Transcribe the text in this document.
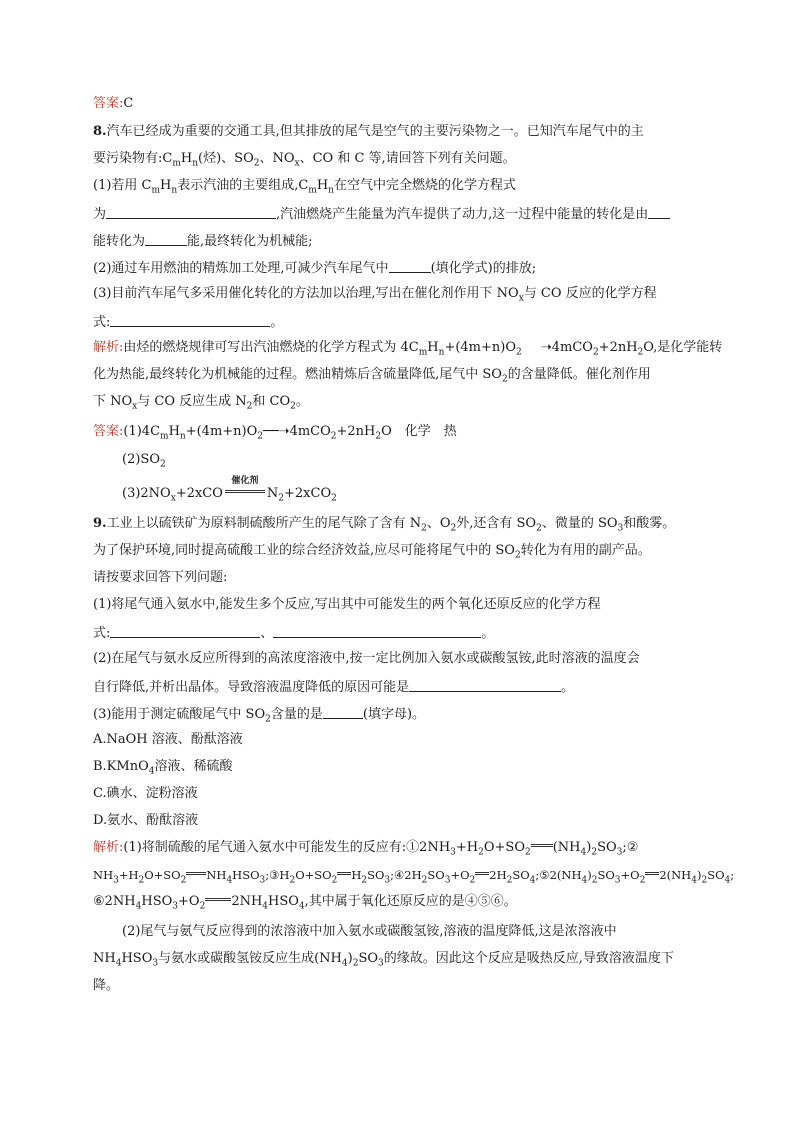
答案:C
8.汽车已经成为重要的交通工具,但其排放的尾气是空气的主要污染物之一。已知汽车尾气中的主
要污染物有$:C_mH_n$(烃)、$SO_2$、$NO_x$、CO 和 C 等,请回答下列有关问题。
(1)若用 $C_mH_n$表示汽油的主要组成$,C_mH_n$在空气中完全燃烧的化学方程式
为	,汽油燃烧产生能量为汽车提供了动力,这一过程中能量的转化是由
能转化为	能,最终转化为机械能;
(2)通过车用燃油的精炼加工处理,可减少汽车尾气中	(填化学式)的排放;
(3)目前汽车尾气多采用催化转化的方法加以治理,写出在催化剂作用下 $NO_x$与 CO 反应的化学方程
式:	。
解析:由烃的燃烧规律可写出汽油燃烧的化学方程式为 $4C_mH_n+(4m+n)O_2$ $➝4mCO_2+2nH_2O$,是化学能转
化为热能,最终转化为机械能的过程。燃油精炼后含硫量降低,尾气中 $SO_2$的含量降低。催化剂作用
下 $NO_x$与 CO 反应生成 $N_2$和 $CO_2$。
答案$:(1)4C_mH_n+(4m+n)O_2──➝4mCO_2+2nH_2O$　化学　热
$(2)SO_2$
$(3)2NO_x+2xCO$
催化剂
$N_2+2xCO_2$
9.工业上以硫铁矿为原料制硫酸所产生的尾气除了含有 $N_2$、$O_2$外,还含有 $SO_2$、微量的 $SO_3$和酸雾。
为了保护环境,同时提高硫酸工业的综合经济效益,应尽可能将尾气中的 $SO_2$转化为有用的副产品。
请按要求回答下列问题:
(1)将尾气通入氨水中,能发生多个反应,写出其中可能发生的两个氧化还原反应的化学方程
式:	、	。
(2)在尾气与氨水反应所得到的高浓度溶液中,按一定比例加入氨水或碳酸氢铵,此时溶液的温度会
自行降低,并析出晶体。导致溶液温度降低的原因可能是	。
(3)能用于测定硫酸尾气中 $SO_2$含量的是	(填字母)。
A.NaOH 溶液、酚酞溶液
B.KMnO$_4$溶液、稀硫酸
C.碘水、淀粉溶液
D.氨水、酚酞溶液
解析:(1)将制硫酸的尾气通入氨水中可能发生的反应有$:①2NH_3+H_2O+SO_2$ $(NH_4)_2SO_3;②$
$NH_3+H_2O+SO_2$ $NH_4HSO_3;③H_2O+SO_2$ $H_2SO_3;④2H_2SO_3+O_2$ $2H_2SO_4;⑤2(NH_4)_2SO_3+O_2$ $2(NH_4)_2SO_4$;
$⑥2NH_4HSO_3+O_2$ $2NH_4HSO_4$,其中属于氧化还原反应的是④⑤⑥。
(2)尾气与氨气反应得到的浓溶液中加入氨水或碳酸氢铵,溶液的温度降低,这是浓溶液中
$NH_4HSO_3$与氨水或碳酸氢铵反应生成$(NH_4)_2SO_3$的缘故。因此这个反应是吸热反应,导致溶液温度下
降。
